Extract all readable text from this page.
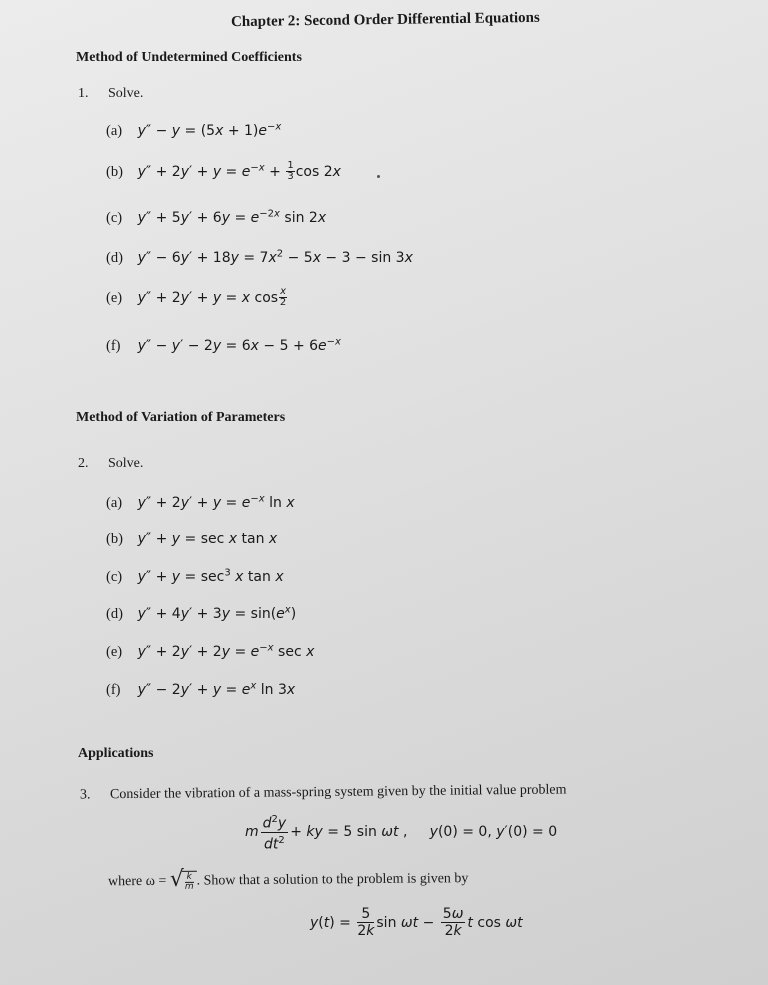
Chapter 2: Second Order Differential Equations
Method of Undetermined Coefficients
1. Solve.
(a) $y'' - y = (5x + 1)e^{-x}$
(b) $y'' + 2y' + y = e^{-x} + \frac{1}{3}$ cos 2x
(c) $y'' + 5y' + 6y = e^{-2x}$ sin 2x
(d) $y'' - 6y' + 18y = 7x^2 - 5x - 3 - \sin 3x$
(e) y″ + 2y′ + y = x $\cos \frac{x}{2}$
(f) $y'' - y' - 2y = 6x - 5 + 6e^{-x}$
Method of Variation of Parameters
2. Solve.
(a) $y'' + 2y' + y = e^{-x}$ ln x
(b) y″ + y = sec x tan x
(c) $y'' + y = \sec^3 x$ tan x
(d) $y'' + 4y' + 3y = \sin(e^x)$
(e) $y'' + 2y' + 2y = e^{-x}$ sec x
(f) $y'' - 2y' + y = e^x$ ln 3x
Applications
3. Consider the vibration of a mass-spring system given by the initial value problem
m $\frac{d^2y}{dt^2}$ + ky = 5 sin ωt ,     y(0) = 0, y′(0) = 0
where ω = √ $\frac{k}{m}$ . Show that a solution to the problem is given by
$y(t) = \frac{5}{2k}$ $\sin \omega t - \frac{5\omega}{2k}$ t cos ωt
